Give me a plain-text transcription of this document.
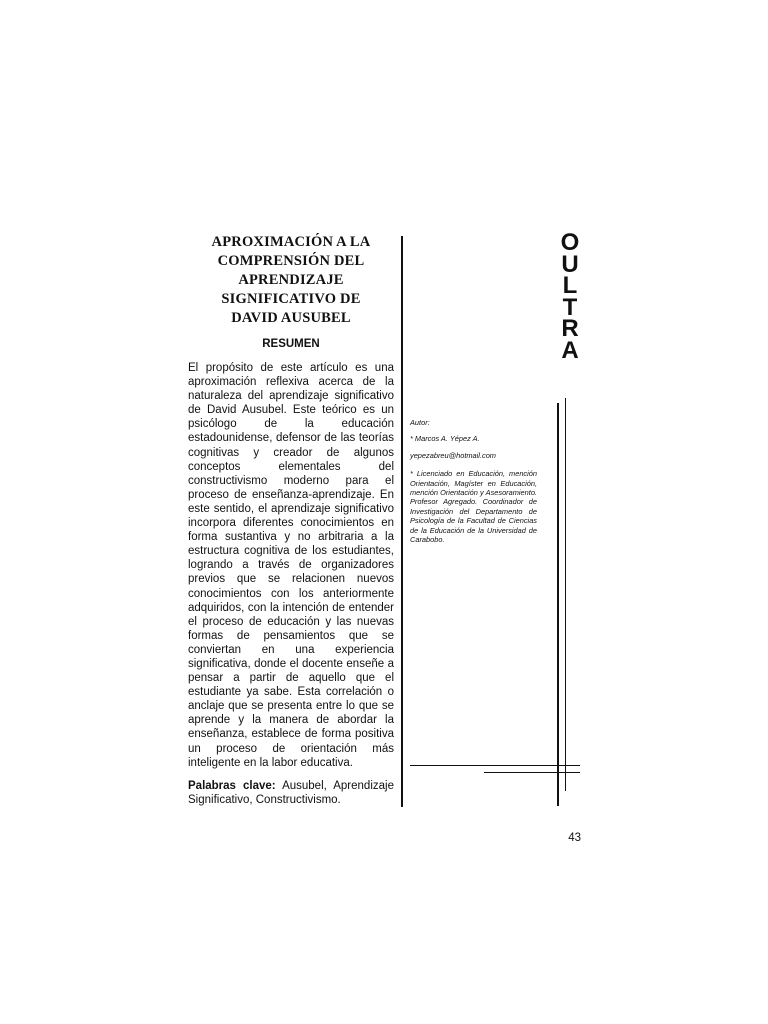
APROXIMACIÓN A LA
COMPRENSIÓN DEL
APRENDIZAJE
SIGNIFICATIVO DE
DAVID AUSUBEL
RESUMEN

El propósito de este artículo es una aproximación reflexiva acerca de la naturaleza del aprendizaje significativo de David Ausubel. Este teórico es un psicólogo de la educación estadounidense, defensor de las teorías cognitivas y creador de algunos conceptos elementales del constructivismo moderno para el proceso de enseñanza-aprendizaje. En este sentido, el aprendizaje significativo incorpora diferentes conocimientos en forma sustantiva y no arbitraria a la estructura cognitiva de los estudiantes, logrando a través de organizadores previos que se relacionen nuevos conocimientos con los anteriormente adquiridos, con la intención de entender el proceso de educación y las nuevas formas de pensamientos que se conviertan en una experiencia significativa, donde el docente enseñe a pensar a partir de aquello que el estudiante ya sabe. Esta correlación o anclaje que se presenta entre lo que se aprende y la manera de abordar la enseñanza, establece de forma positiva un proceso de orientación más inteligente en la labor educativa.

Palabras clave: Ausubel, Aprendizaje Significativo, Constructivismo.

Autor:

* Marcos A. Yépez A.

yepezabreu@hotmail.com

* Licenciado en Educación, mención Orientación, Magíster en Educación, mención Orientación y Asesoramiento. Profesor Agregado. Coordinador de Investigación del Departamento de Psicología de la Facultad de Ciencias de la Educación de la Universidad de Carabobo.

O
U
L
T
R
A
43
